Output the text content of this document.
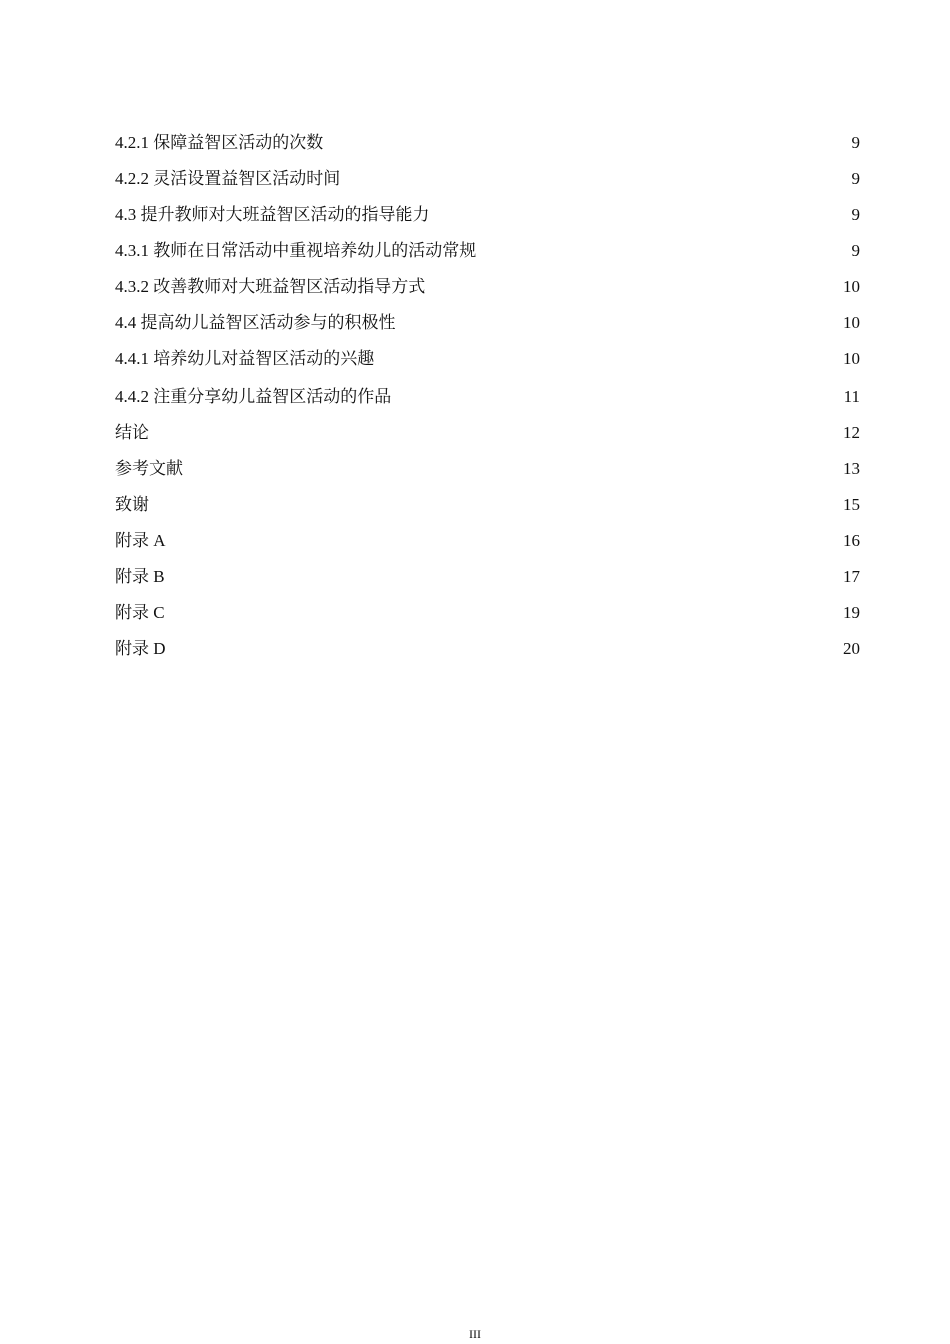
4.2.1 保障益智区活动的次数 . . .	9
4.2.2 灵活设置益智区活动时间 . . .	9
4.3 提升教师对大班益智区活动的指导能力 . . .	9
4.3.1 教师在日常活动中重视培养幼儿的活动常规 . . .	9
4.3.2 改善教师对大班益智区活动指导方式 . . .	10
4.4 提高幼儿益智区活动参与的积极性 . . .	10
4.4.1 培养幼儿对益智区活动的兴趣 . . .	10
4.4.2 注重分享幼儿益智区活动的作品 . . .	11
结论 . . .	12
参考文献 . . .	13
致谢 . . .	15
附录 A .....	16
附录 B .....	17
附录 C .....	19
附录 D .....	20
III
